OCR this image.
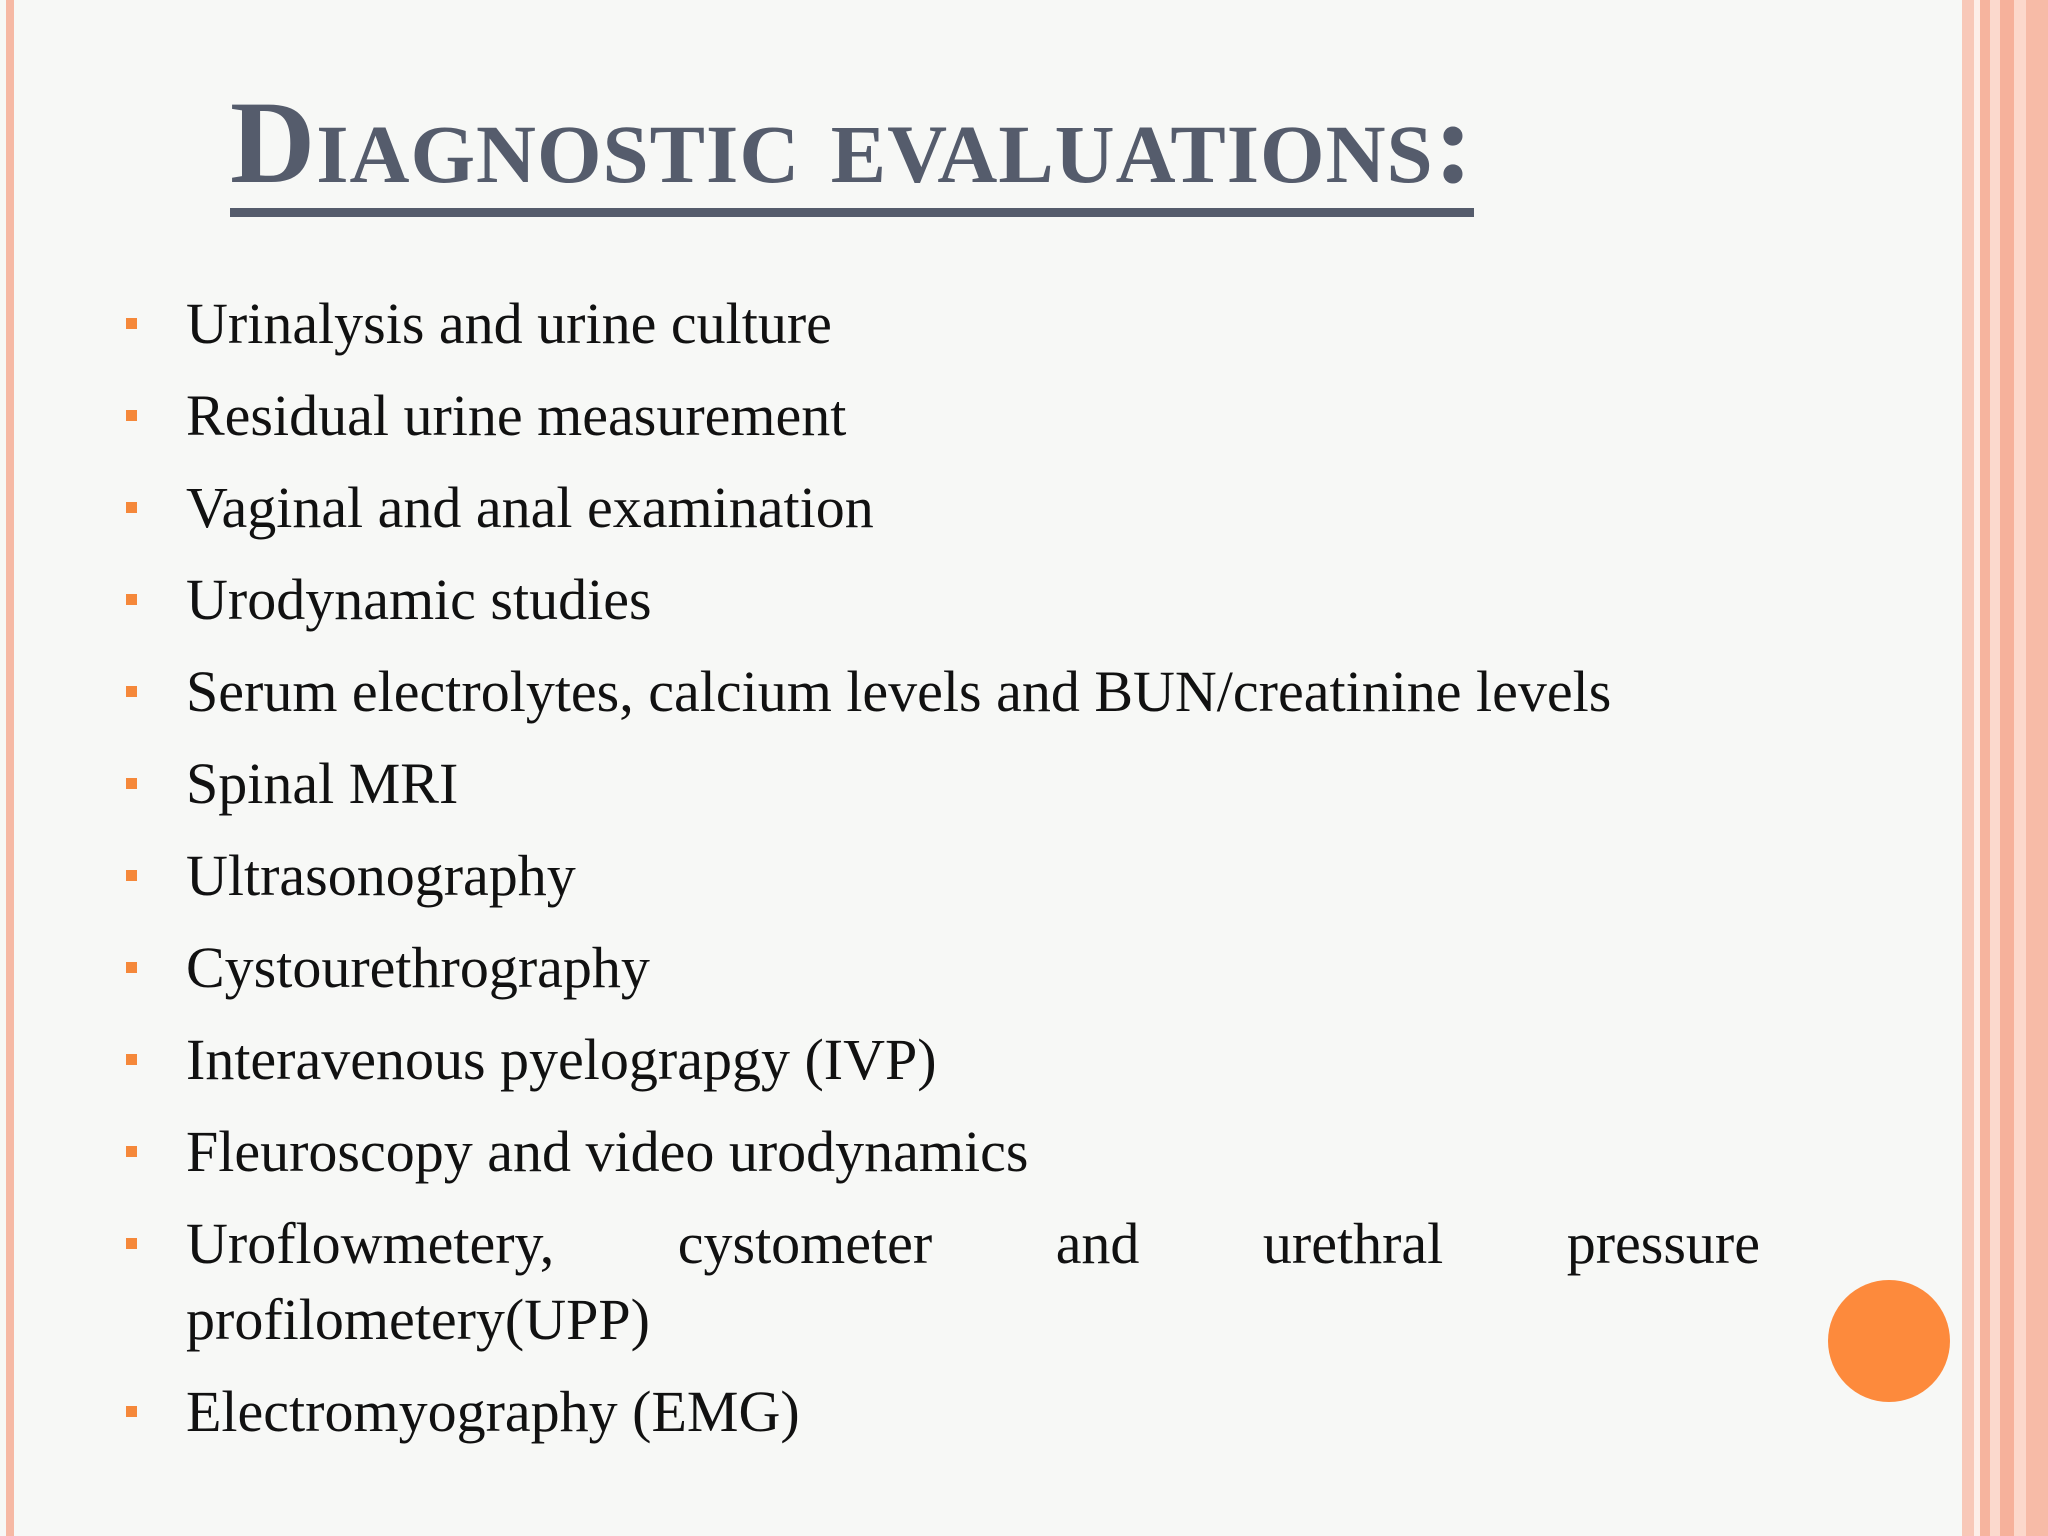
Diagnostic evaluations:
Urinalysis and urine culture
Residual urine measurement
Vaginal and anal examination
Urodynamic studies
Serum electrolytes, calcium levels and BUN/creatinine levels
Spinal MRI
Ultrasonography
Cystourethrography
Interavenous pyelograpgy (IVP)
Fleuroscopy and video urodynamics
Uroflowmetery, cystometer and urethral pressure profilometery(UPP)
Electromyography (EMG)
